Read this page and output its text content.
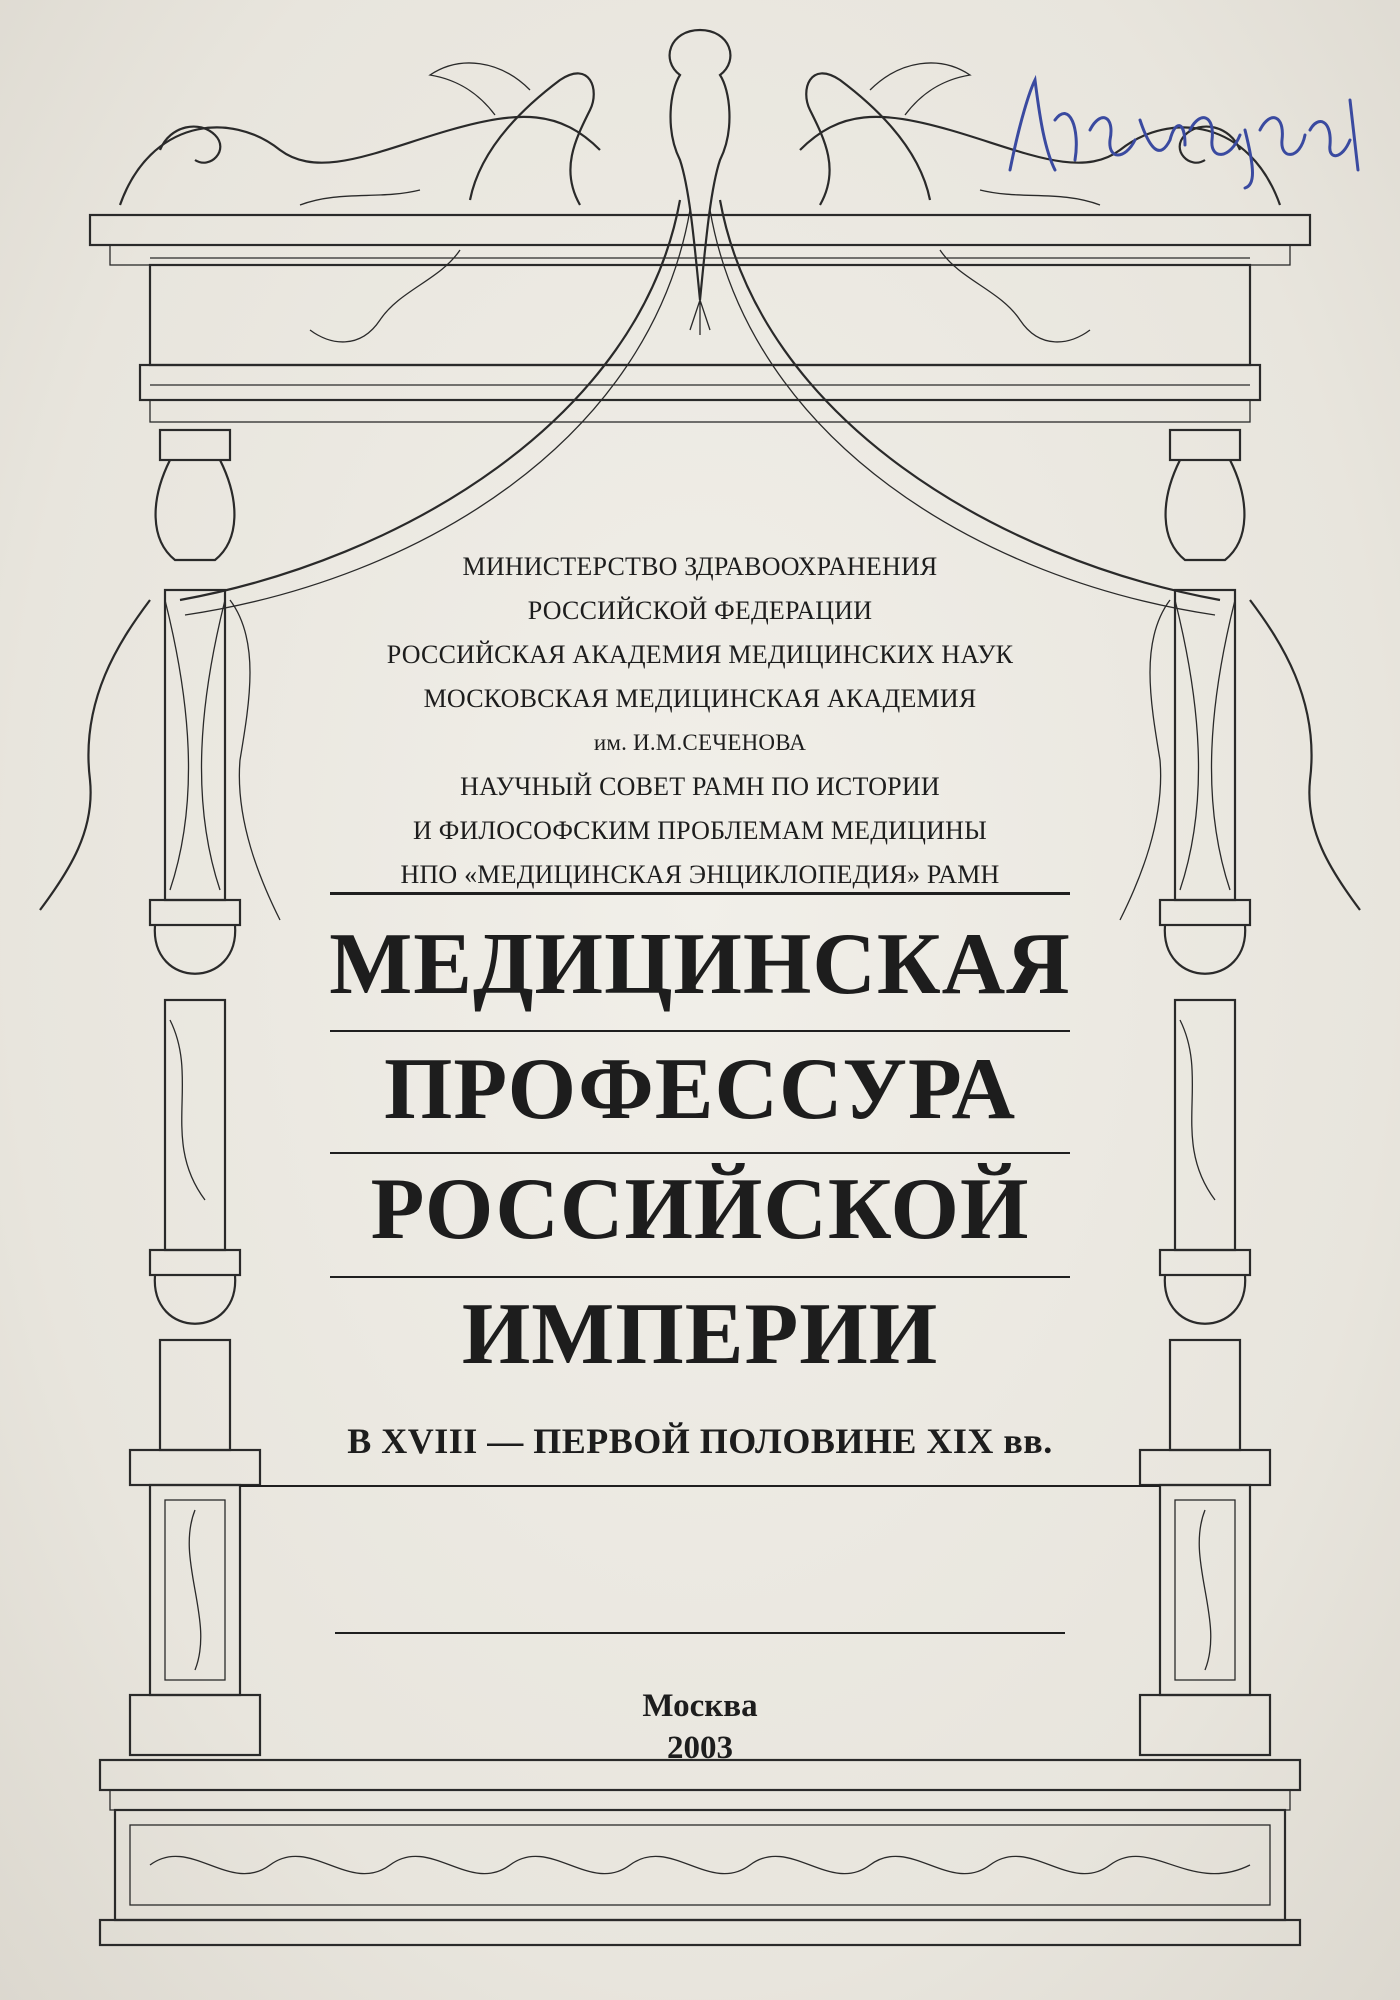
МИНИСТЕРСТВО ЗДРАВООХРАНЕНИЯ
РОССИЙСКОЙ ФЕДЕРАЦИИ
РОССИЙСКАЯ АКАДЕМИЯ МЕДИЦИНСКИХ НАУК
МОСКОВСКАЯ МЕДИЦИНСКАЯ АКАДЕМИЯ
им. И.М.СЕЧЕНОВА
НАУЧНЫЙ СОВЕТ РАМН ПО ИСТОРИИ
И ФИЛОСОФСКИМ ПРОБЛЕМАМ МЕДИЦИНЫ
НПО «МЕДИЦИНСКАЯ ЭНЦИКЛОПЕДИЯ» РАМН
МЕДИЦИНСКАЯ
ПРОФЕССУРА
РОССИЙСКОЙ
ИМПЕРИИ
В XVIII — ПЕРВОЙ ПОЛОВИНЕ XIX вв.
Москва
2003
